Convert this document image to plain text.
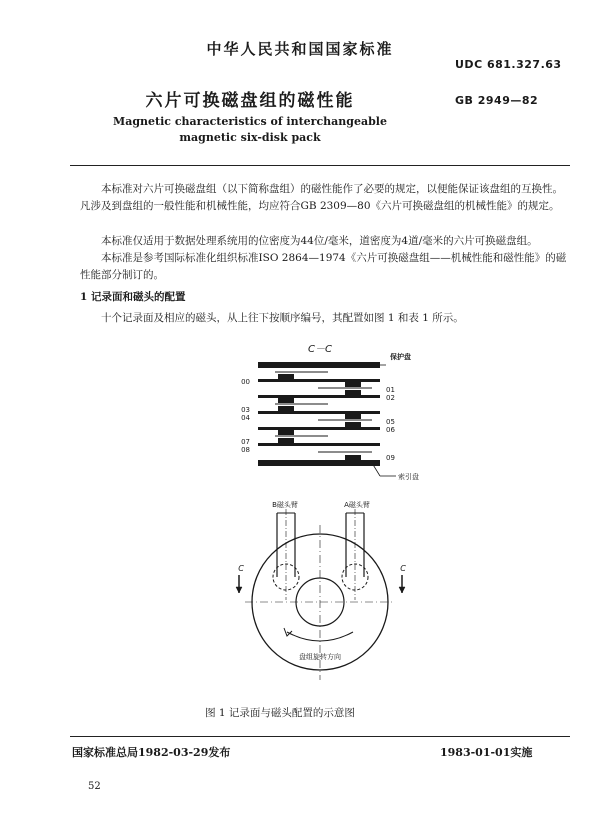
中华人民共和国国家标准
UDC 681.327.63
六片可换磁盘组的磁性能	GB 2949—82
Magnetic characteristics of interchangeable
magnetic six-disk pack
本标准对六片可换磁盘组（以下简称盘组）的磁性能作了必要的规定，以便能保证该盘组的互换性。凡涉及到盘组的一般性能和机械性能，均应符合GB 2309—80《六片可换磁盘组的机械性能》的规定。
本标准仅适用于数据处理系统用的位密度为44位/毫米，道密度为4道/毫米的六片可换磁盘组。
本标准是参考国际标准化组织标准ISO 2864—1974《六片可换磁盘组——机械性能和磁性能》的磁性能部分制订的。
1 记录面和磁头的配置
十个记录面及相应的磁头，从上往下按顺序编号，其配置如图 1 和表 1 所示。
C－C
00
03
04
07
08
01
02
05
06
09
保护盘
索引盘
B磁头臂	A磁头臂
C	C
盘组旋转方向
图 1 记录面与磁头配置的示意图
国家标准总局1982-03-29发布	1983-01-01实施
52
